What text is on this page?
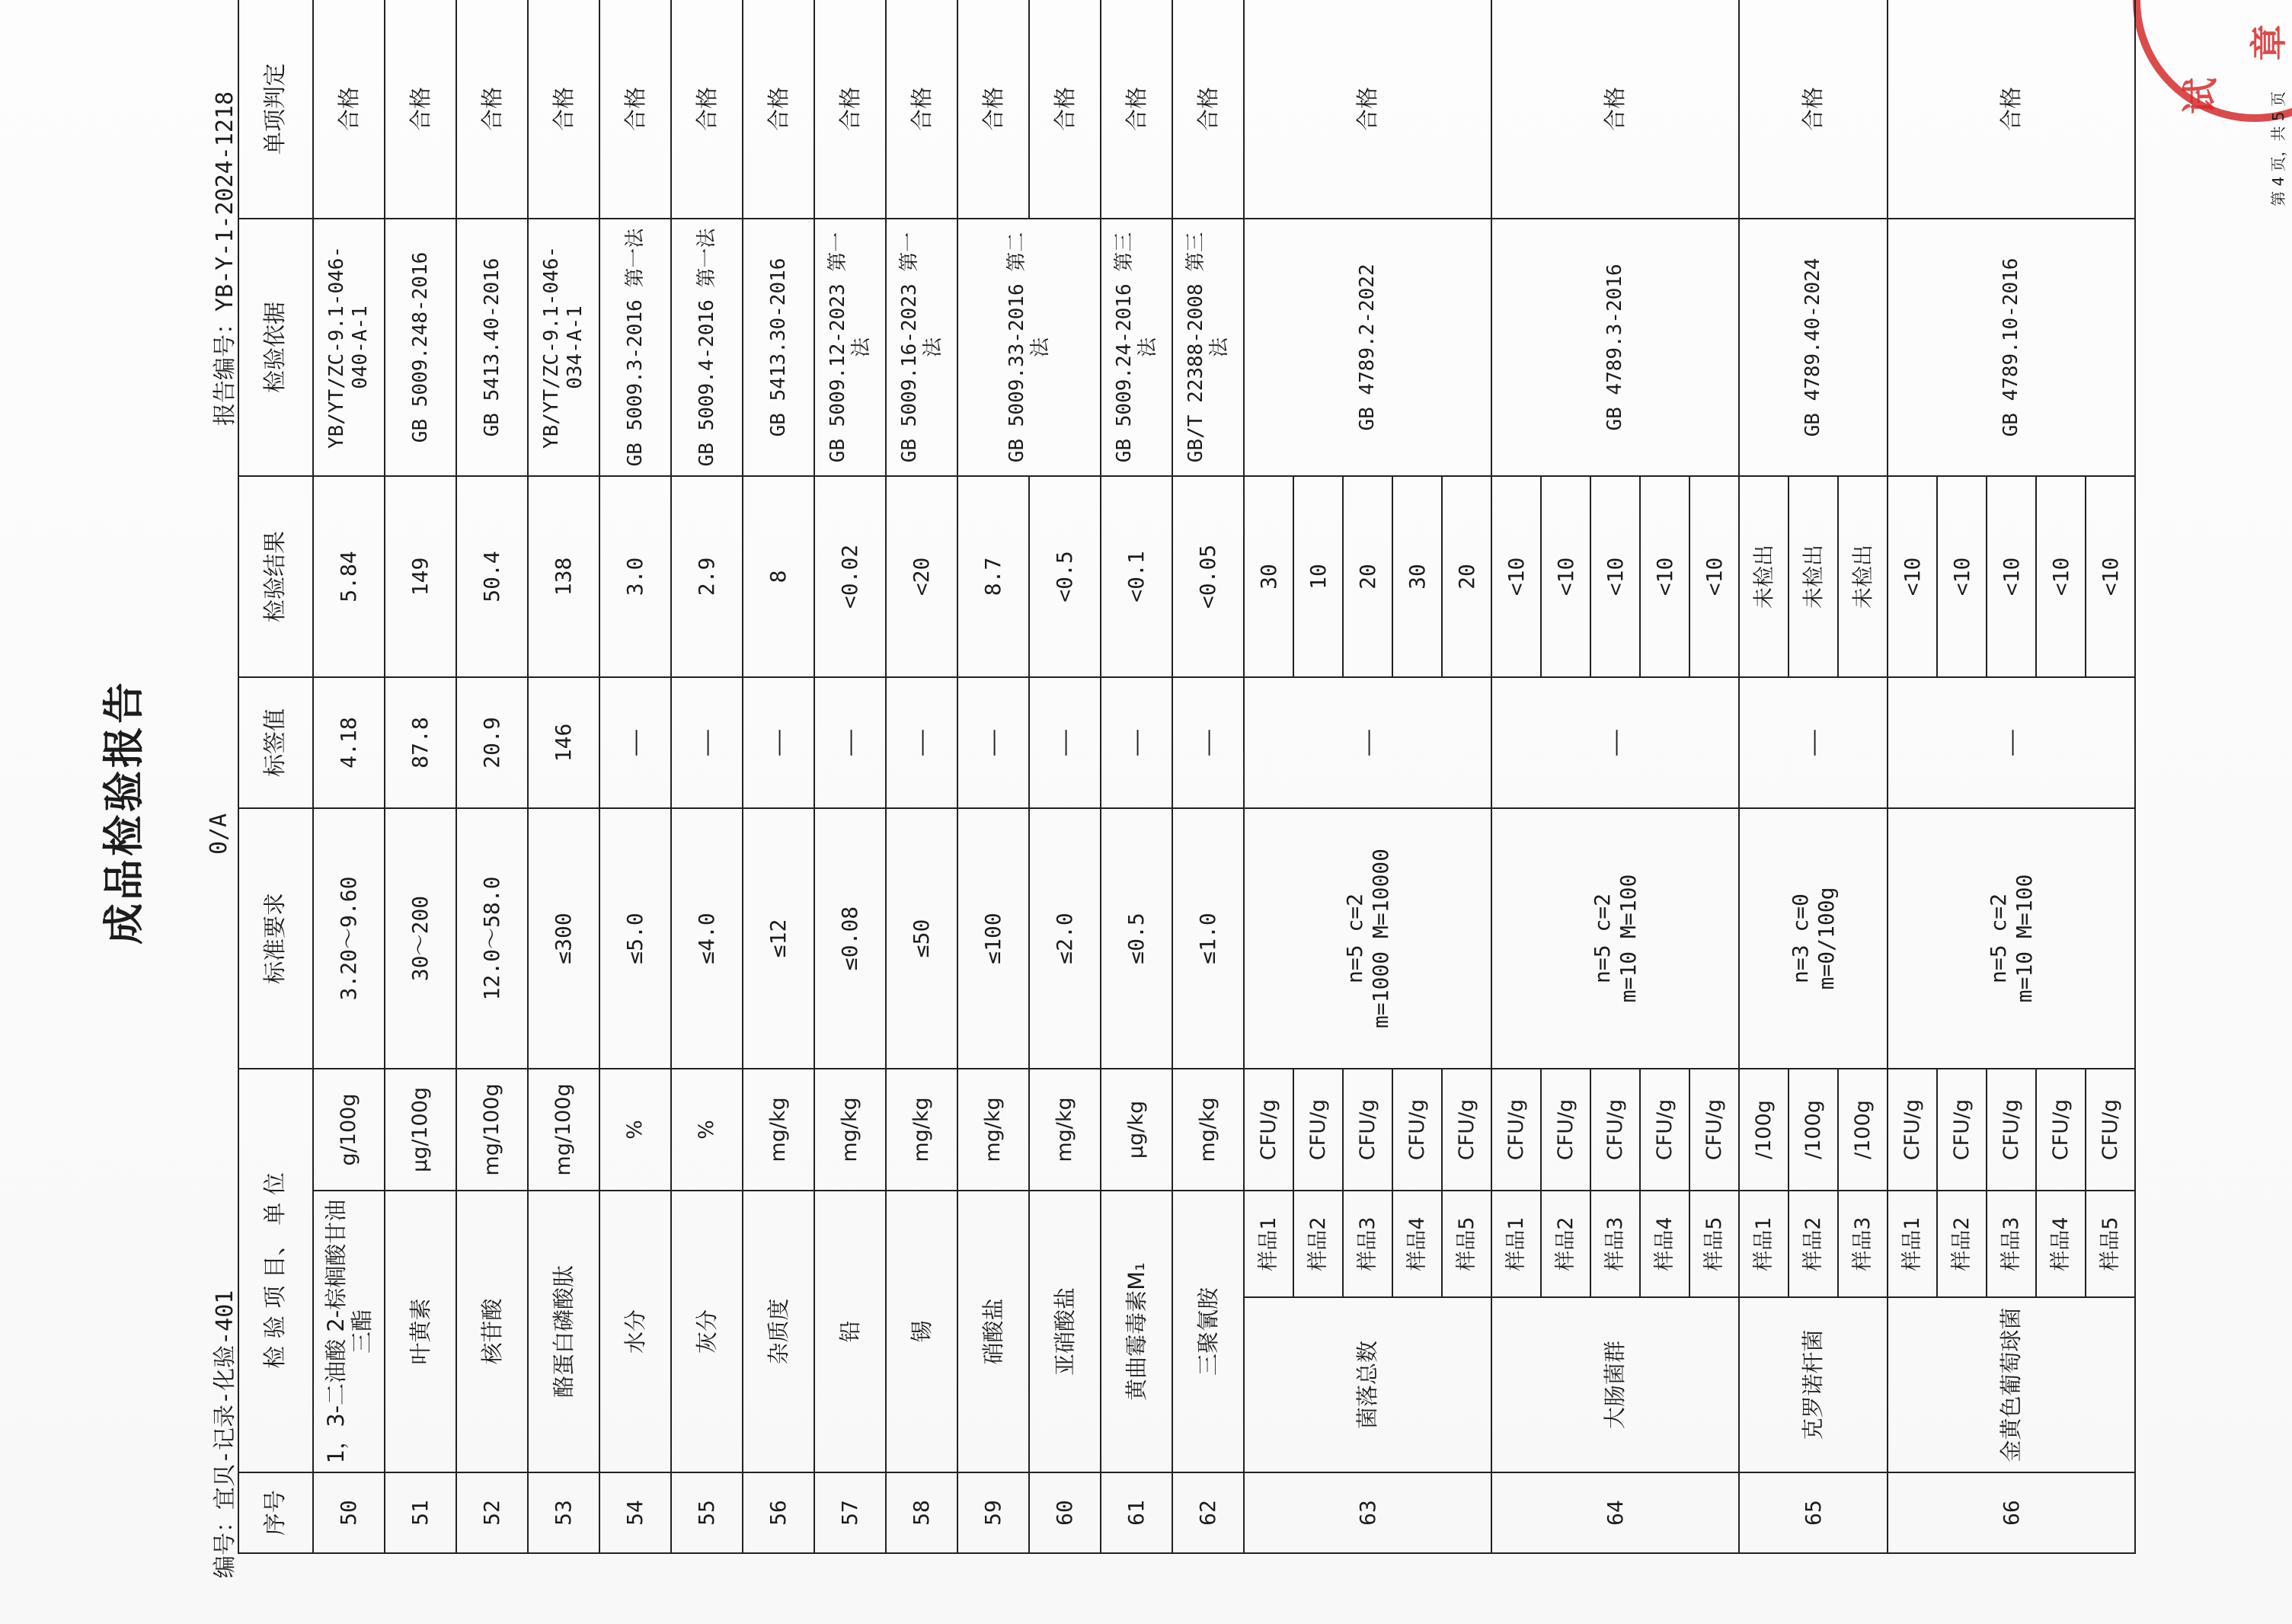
成品检验报告
编号：宜贝-记录-化验-401
0/A
报告编号：YB-Y-1-2024-1218	试
章
序号	检 验 项 目、 单 位			标准要求	标签值	检验结果	检验依据	单项判定
50	1，3-二油酸 2-棕榈酸甘油三酯		g/100g	3.20～9.60	4.18	5.84	YB/YT/ZC-9.1-046-040-A-1	合格
51	叶黄素		μg/100g	30～200	87.8	149	GB 5009.248-2016	合格
52	核苷酸		mg/100g	12.0～58.0	20.9	50.4	GB 5413.40-2016	合格
53	酪蛋白磷酸肽		mg/100g	≤300	146	138	YB/YT/ZC-9.1-046-034-A-1	合格
54	水分		%	≤5.0	——	3.0	GB 5009.3-2016 第一法	合格
55	灰分		%	≤4.0	——	2.9	GB 5009.4-2016 第一法	合格
56	杂质度		mg/kg	≤12	——	8	GB 5413.30-2016	合格
57	铅		mg/kg	≤0.08	——	<0.02	GB 5009.12-2023 第一法	合格
58	锡		mg/kg	≤50	——	<20	GB 5009.16-2023 第一法	合格
59	硝酸盐		mg/kg	≤100	——	8.7	GB 5009.33-2016 第二法	合格
60	亚硝酸盐		mg/kg	≤2.0	——	<0.5		合格
61	黄曲霉毒素M₁		μg/kg	≤0.5	——	<0.1	GB 5009.24-2016 第三法	合格
62	三聚氰胺		mg/kg	≤1.0	——	<0.05	GB/T 22388-2008 第三法	合格
63	菌落总数	样品1	CFU/g	n=5 c=2 m=1000 M=10000	——	30	GB 4789.2-2022	合格
		样品2	CFU/g			10		
		样品3	CFU/g			20		
		样品4	CFU/g			30		
		样品5	CFU/g			20		
64	大肠菌群	样品1	CFU/g	n=5 c=2 m=10 M=100	——	<10	GB 4789.3-2016	合格
		样品2	CFU/g			<10		
		样品3	CFU/g			<10		
		样品4	CFU/g			<10		
		样品5	CFU/g			<10		
65	克罗诺杆菌	样品1	/100g	n=3 c=0 m=0/100g	——	未检出	GB 4789.40-2024	合格
		样品2	/100g			未检出		
		样品3	/100g			未检出		
66	金黄色葡萄球菌	样品1	CFU/g	n=5 c=2 m=10 M=100	——	<10	GB 4789.10-2016	合格
		样品2	CFU/g			<10		
		样品3	CFU/g			<10		
		样品4	CFU/g			<10		
		样品5	CFU/g			<10		
第 4 页，共 5 页
